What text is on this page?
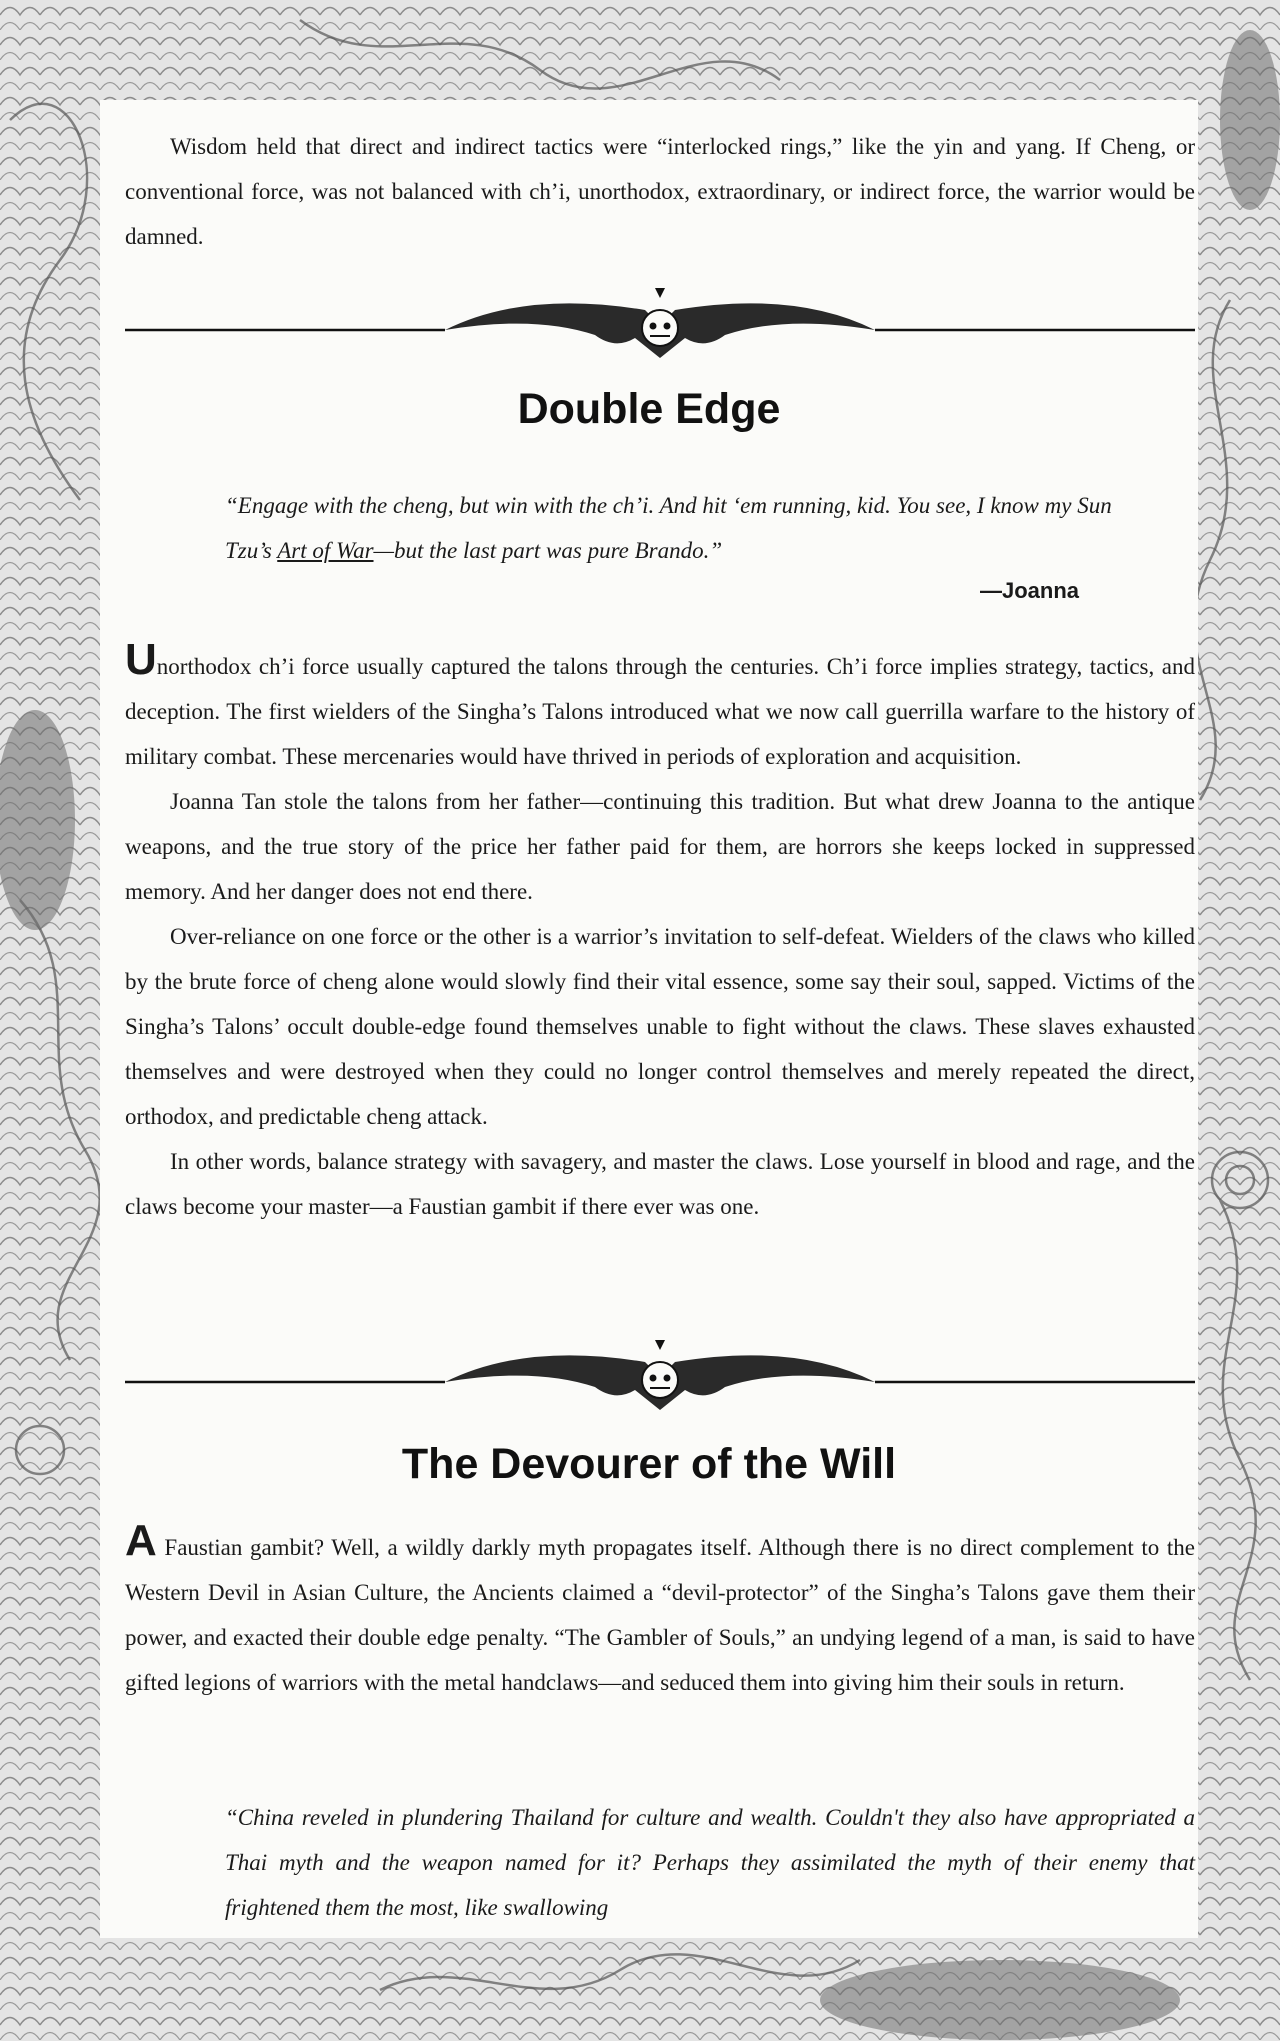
Wisdom held that direct and indirect tactics were “interlocked rings,” like the yin and yang. If Cheng, or conventional force, was not balanced with ch’i, unorthodox, extraordinary, or indirect force, the warrior would be damned.

Double Edge
“Engage with the cheng, but win with the ch’i. And hit ‘em running, kid. You see, I know my Sun Tzu’s Art of War—but the last part was pure Brando.”
—Joanna

Unorthodox ch’i force usually captured the talons through the centuries. Ch’i force implies strategy, tactics, and deception. The first wielders of the Singha’s Talons introduced what we now call guerrilla warfare to the history of military combat. These mercenaries would have thrived in periods of exploration and acquisition.

Joanna Tan stole the talons from her father—continuing this tradition. But what drew Joanna to the antique weapons, and the true story of the price her father paid for them, are horrors she keeps locked in suppressed memory. And her danger does not end there.

Over-reliance on one force or the other is a warrior’s invitation to self-defeat. Wielders of the claws who killed by the brute force of cheng alone would slowly find their vital essence, some say their soul, sapped. Victims of the Singha’s Talons’ occult double-edge found themselves unable to fight without the claws. These slaves exhausted themselves and were destroyed when they could no longer control themselves and merely repeated the direct, orthodox, and predictable cheng attack.

In other words, balance strategy with savagery, and master the claws. Lose yourself in blood and rage, and the claws become your master—a Faustian gambit if there ever was one.

The Devourer of the Will

A Faustian gambit? Well, a wildly darkly myth propagates itself. Although there is no direct complement to the Western Devil in Asian Culture, the Ancients claimed a “devil-protector” of the Singha’s Talons gave them their power, and exacted their double edge penalty. “The Gambler of Souls,” an undying legend of a man, is said to have gifted legions of warriors with the metal handclaws—and seduced them into giving him their souls in return.

“China reveled in plundering Thailand for culture and wealth. Couldn't they also have appropriated a Thai myth and the weapon named for it? Perhaps they assimilated the myth of their enemy that frightened them the most, like swallowing
